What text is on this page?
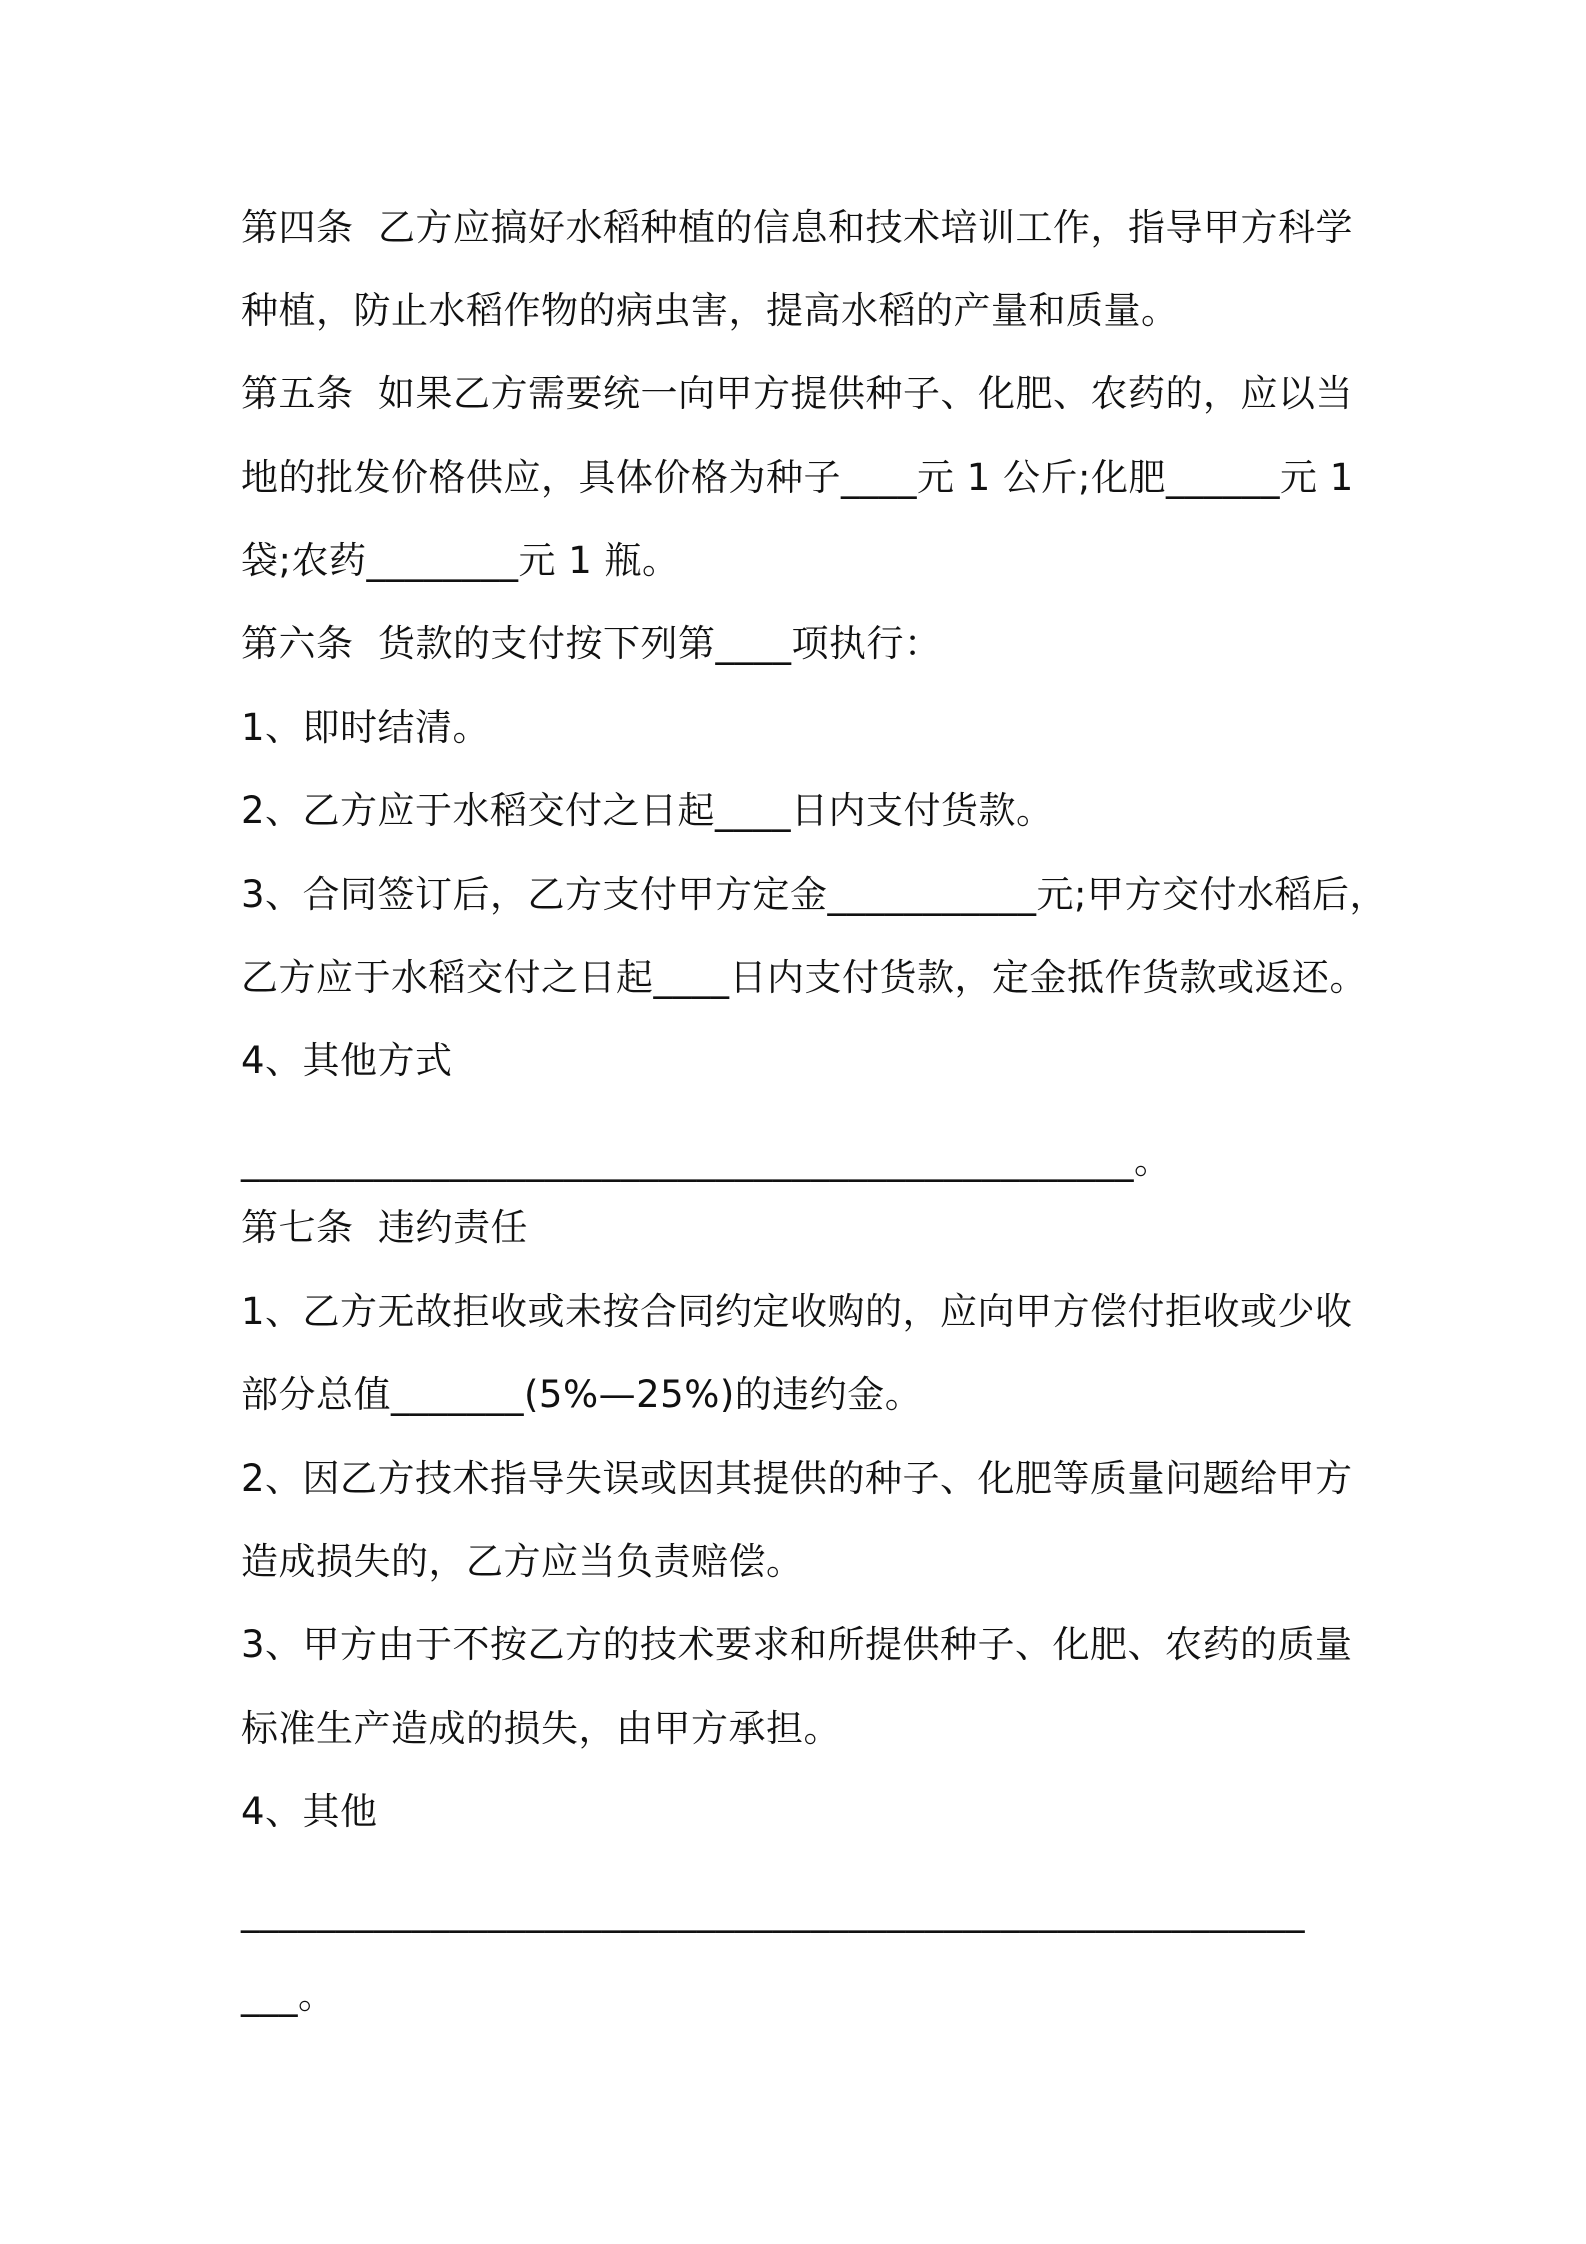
第四条  乙方应搞好水稻种植的信息和技术培训工作，指导甲方科学
种植，防止水稻作物的病虫害，提高水稻的产量和质量。
第五条  如果乙方需要统一向甲方提供种子、化肥、农药的，应以当
地的批发价格供应，具体价格为种子____元 1 公斤;化肥______元 1
袋;农药________元 1 瓶。
第六条  货款的支付按下列第____项执行：
1、即时结清。
2、乙方应于水稻交付之日起____日内支付货款。
3、合同签订后，乙方支付甲方定金___________元;甲方交付水稻后，
乙方应于水稻交付之日起____日内支付货款，定金抵作货款或返还。
4、其他方式
_______________________________________________。
第七条  违约责任
1、乙方无故拒收或未按合同约定收购的，应向甲方偿付拒收或少收
部分总值_______(5%—25%)的违约金。
2、因乙方技术指导失误或因其提供的种子、化肥等质量问题给甲方
造成损失的，乙方应当负责赔偿。
3、甲方由于不按乙方的技术要求和所提供种子、化肥、农药的质量
标准生产造成的损失，由甲方承担。
4、其他
________________________________________________________
___。
